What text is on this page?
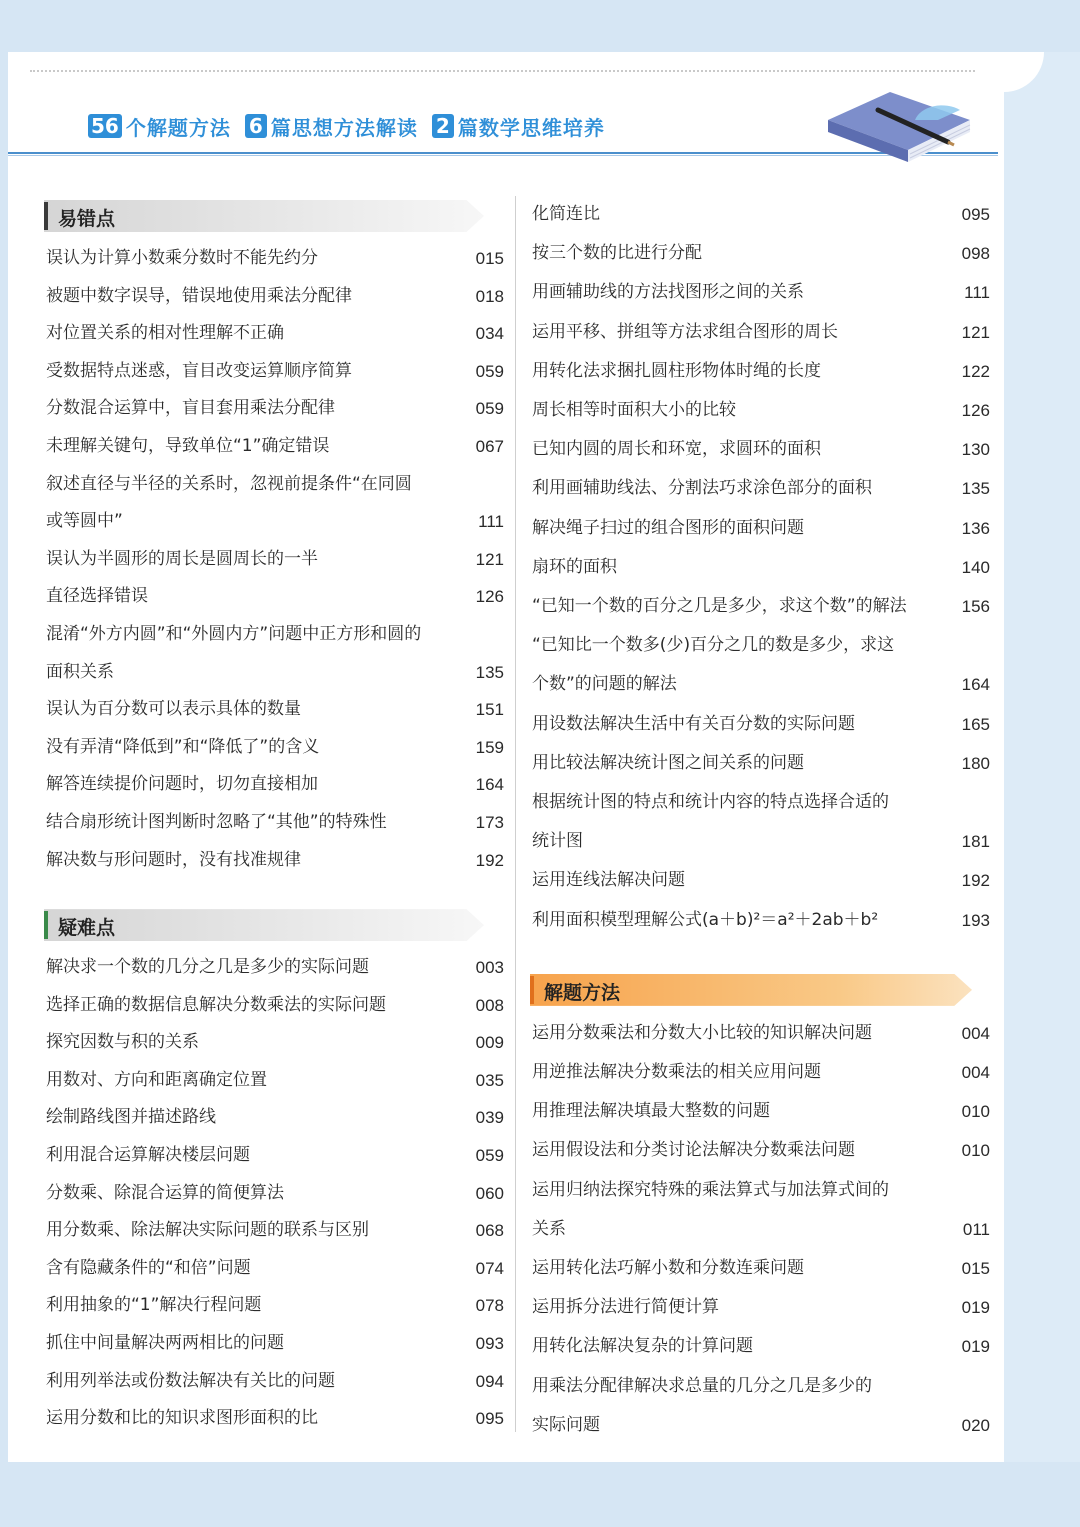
56 个解题方法 6 篇思想方法解读 2 篇数学思维培养
易错点
误认为计算小数乘分数时不能先约分	015
被题中数字误导，错误地使用乘法分配律	018
对位置关系的相对性理解不正确	034
受数据特点迷惑，盲目改变运算顺序简算	059
分数混合运算中，盲目套用乘法分配律	059
未理解关键句，导致单位“1”确定错误	067
叙述直径与半径的关系时，忽视前提条件“在同圆
或等圆中”	111
误认为半圆形的周长是圆周长的一半	121
直径选择错误	126
混淆“外方内圆”和“外圆内方”问题中正方形和圆的
面积关系	135
误认为百分数可以表示具体的数量	151
没有弄清“降低到”和“降低了”的含义	159
解答连续提价问题时，切勿直接相加	164
结合扇形统计图判断时忽略了“其他”的特殊性	173
解决数与形问题时，没有找准规律	192
疑难点
解决求一个数的几分之几是多少的实际问题	003
选择正确的数据信息解决分数乘法的实际问题	008
探究因数与积的关系	009
用数对、方向和距离确定位置	035
绘制路线图并描述路线	039
利用混合运算解决楼层问题	059
分数乘、除混合运算的简便算法	060
用分数乘、除法解决实际问题的联系与区别	068
含有隐藏条件的“和倍”问题	074
利用抽象的“1”解决行程问题	078
抓住中间量解决两两相比的问题	093
利用列举法或份数法解决有关比的问题	094
运用分数和比的知识求图形面积的比	095
化简连比	095
按三个数的比进行分配	098
用画辅助线的方法找图形之间的关系	111
运用平移、拼组等方法求组合图形的周长	121
用转化法求捆扎圆柱形物体时绳的长度	122
周长相等时面积大小的比较	126
已知内圆的周长和环宽，求圆环的面积	130
利用画辅助线法、分割法巧求涂色部分的面积	135
解决绳子扫过的组合图形的面积问题	136
扇环的面积	140
“已知一个数的百分之几是多少，求这个数”的解法	156
“已知比一个数多(少)百分之几的数是多少，求这
个数”的问题的解法	164
用设数法解决生活中有关百分数的实际问题	165
用比较法解决统计图之间关系的问题	180
根据统计图的特点和统计内容的特点选择合适的
统计图	181
运用连线法解决问题	192
利用面积模型理解公式(a＋b)²＝a²＋2ab＋b²	193
解题方法
运用分数乘法和分数大小比较的知识解决问题	004
用逆推法解决分数乘法的相关应用问题	004
用推理法解决填最大整数的问题	010
运用假设法和分类讨论法解决分数乘法问题	010
运用归纳法探究特殊的乘法算式与加法算式间的
关系	011
运用转化法巧解小数和分数连乘问题	015
运用拆分法进行简便计算	019
用转化法解决复杂的计算问题	019
用乘法分配律解决求总量的几分之几是多少的
实际问题	020
